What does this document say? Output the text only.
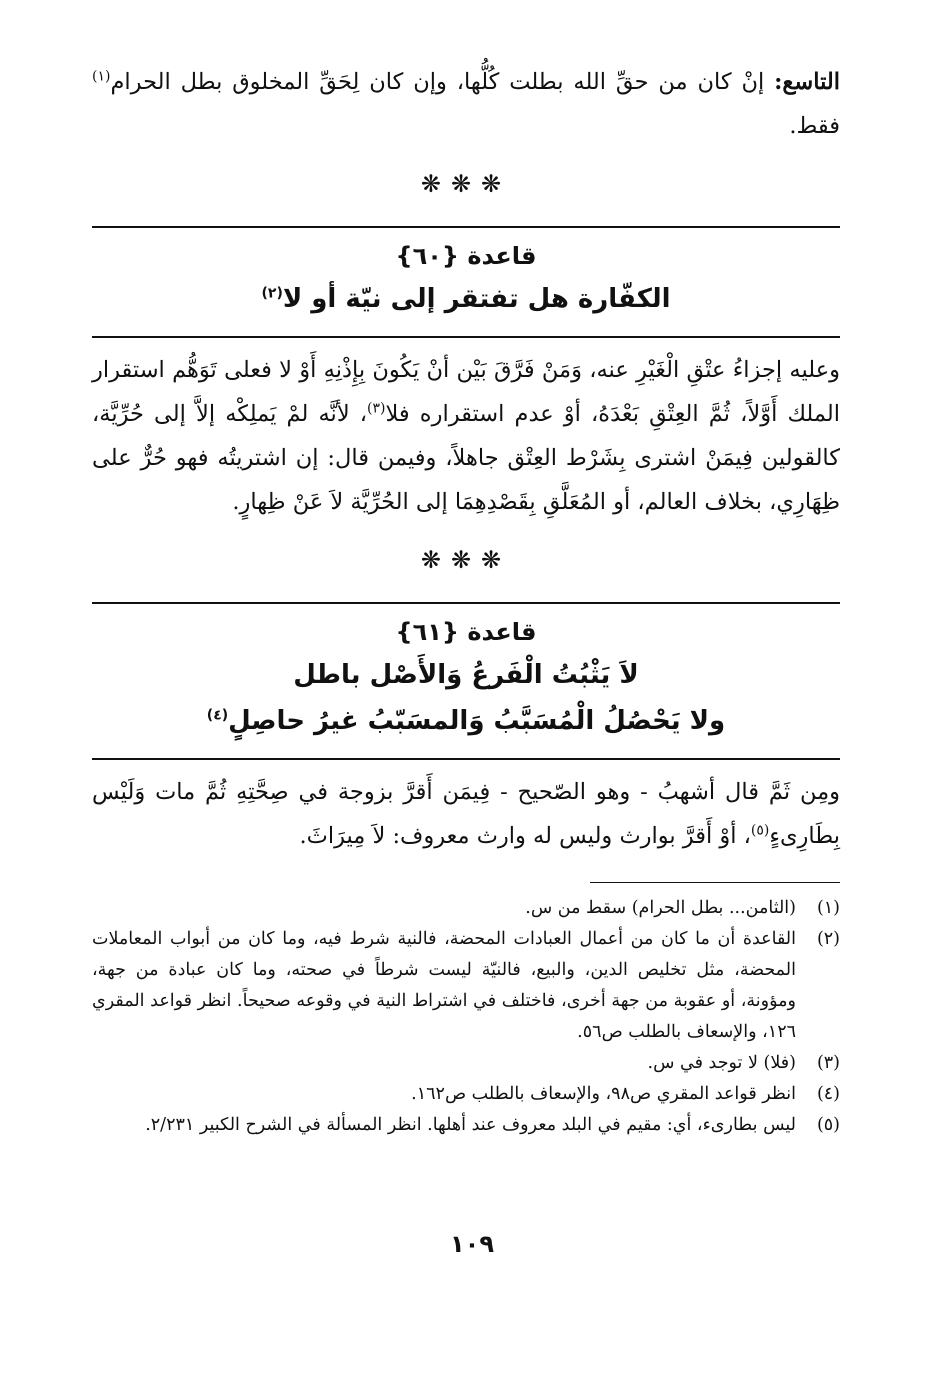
التاسع: إنْ كان من حقِّ الله بطلت كُلُّها، وإن كان لِحَقِّ المخلوق بطل الحرام$^{(١)}$ فقط.

❋❋❋
قاعدة {٦٠}
الكفّارة هل تفتقر إلى نيّة أو لا$^{(٢)}$

وعليه إجزاءُ عتْقِ الْغَيْرِ عنه، وَمَنْ فَرَّقَ بَيْن أنْ يَكُونَ بِإِذْنِهِ أَوْ لا فعلى تَوَهُّم استقرار الملك أَوَّلاً، ثُمَّ العِتْقِ بَعْدَهُ، أوْ عدم استقراره فلا$^{(٣)}$، لأنَّه لمْ يَملِكْه إلاَّ إلى حُرِّيَّة، كالقولين فِيمَنْ اشترى بِشَرْط العِتْق جاهلاً، وفيمن قال: إن اشتريتُه فهو حُرٌّ على ظِهَارِي، بخلاف العالم، أو المُعَلَّقِ بِقَصْدِهِمَا إلى الحُرِّيَّة لاَ عَنْ ظِهارٍ.

❋❋❋
قاعدة {٦١}
لاَ يَثْبُتُ الْفَرعُ وَالأَصْل باطل
ولا يَحْصُلُ الْمُسَبَّبُ وَالمسَبّبُ غيرُ حاصِلٍ$^{(٤)}$

ومِن ثَمَّ قال أشهبُ - وهو الصّحيح - فِيمَن أَقرَّ بزوجة في صِحَّتِهِ ثُمَّ مات وَلَيْس بِطَارِىءٍ$^{(٥)}$، أوْ أَقرَّ بوارث وليس له وارث معروف: لاَ مِيرَاثَ.

(١)
(الثامن... بطل الحرام) سقط من س.

(٢)
القاعدة أن ما كان من أعمال العبادات المحضة، فالنية شرط فيه، وما كان من أبواب المعاملات المحضة، مثل تخليص الدين، والبيع، فالنيّة ليست شرطاً في صحته، وما كان عبادة من جهة، ومؤونة، أو عقوبة من جهة أخرى، فاختلف في اشتراط النية في وقوعه صحيحاً. انظر قواعد المقري ١٢٦، والإسعاف بالطلب ص٥٦.

(٣)
(فلا) لا توجد في س.

(٤)
انظر قواعد المقري ص٩٨، والإسعاف بالطلب ص١٦٢.

(٥)
ليس بطارىء، أي: مقيم في البلد معروف عند أهلها. انظر المسألة في الشرح الكبير ٢/٢٣١.

١٠٩
